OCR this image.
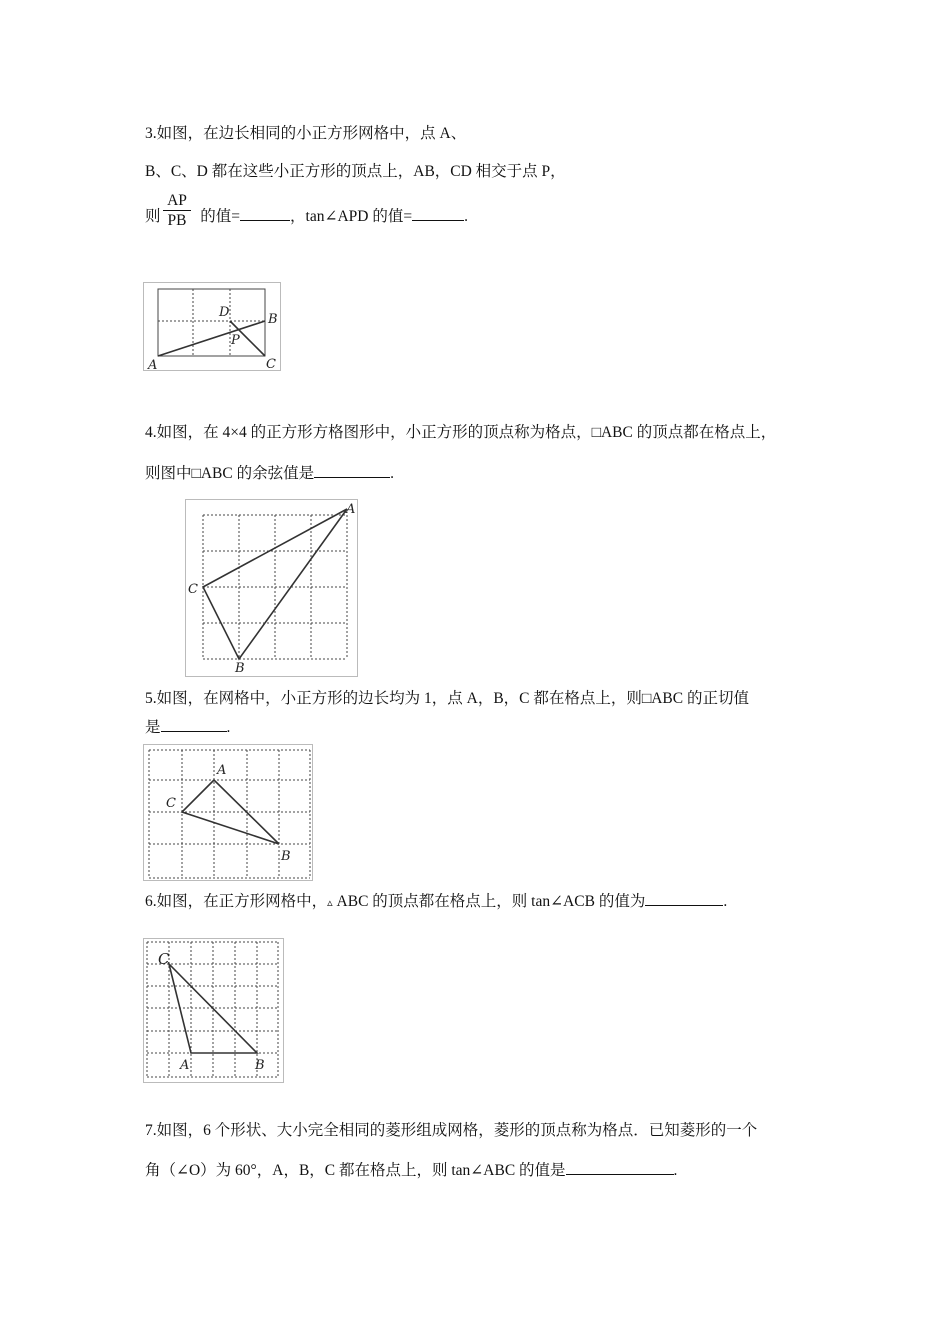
3.如图，在边长相同的小正方形网格中，点 A、
B、C、D 都在这些小正方形的顶点上，AB，CD 相交于点 P，
则	的值=	，tan∠APD 的值=	.
AP
PB
A
B
C
D
P
4.如图，在 4×4 的正方形方格图形中，小正方形的顶点称为格点，□ABC 的顶点都在格点上，
则图中□ABC 的余弦值是	.
A
B
C
5.如图，在网格中，小正方形的边长均为 1，点 A，B，C 都在格点上，则□ABC 的正切值
是	.
A
B
C
6.如图，在正方形网格中，▵ ABC 的顶点都在格点上，则 tan∠ACB 的值为	.
A	B
C
7.如图，6 个形状、大小完全相同的菱形组成网格，菱形的顶点称为格点．已知菱形的一个
角（∠O）为 60°，A，B，C 都在格点上，则 tan∠ABC 的值是	.
